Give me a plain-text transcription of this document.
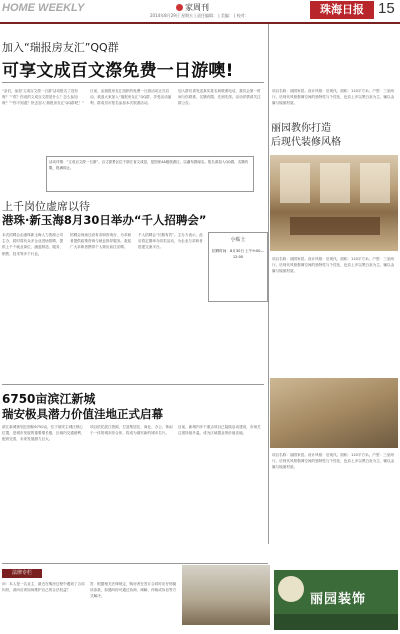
HOME WEEKLY	家周刊
2014年8月29日 星期五 | 责任编辑： | 美编： | 校对：	珠海日报 15
加入“瑞报房友汇”QQ群
可享文成百文漈免费一日游噢!

“亲们，参加‘文成百文漈一日游’活动报名了没有呀？”“诶？你说的文成百文漈是什么？怎么参加呀？”“你不知道？快去加入‘瑞报房友汇’QQ群吧！”

日前，由瑞报房友汇组织的免费一日游活动正式启动，欢迎大家加入“瑞报房友汇”QQ群，享受活动福利，群成员可报名参加本次旅游活动。

加入群后请发送真实姓名和联系电话，我们会第一时间与你联系，名额有限，先到先得。活动详情请关注群公告。

活动详情：“文成百文漈一日游”。百丈漈景区位于浙江省文成县，是国家4A级旅游区，以瀑布群闻名。报名请加入QQ群，名额有限，报满即止。

项目名称：丽园家居。设计风格：后现代。面积：120平方米。户型：三室两厅。后现代风格强调空间的独特性与个性化，色彩上多以黑白灰为主，辅以金属与镜面材质。

丽园教你打造
后现代装修风格

项目名称：丽园家居。设计风格：后现代。面积：120平方米。户型：三室两厅。后现代风格强调空间的独特性与个性化，色彩上多以黑白灰为主，辅以金属与镜面材质。

项目名称：丽园家居。设计风格：后现代。面积：120平方米。户型：三室两厅。后现代风格强调空间的独特性与个性化，色彩上多以黑白灰为主，辅以金属与镜面材质。

上千岗位虚席以待
港珠·新玉海8月30日举办“千人招聘会”

本次招聘会由港珠新玉海人力资源公司主办，届时将有众多企业进场招聘，提供上千个就业岗位，涵盖制造、服务、销售、技术等多个行业。

招聘会现场还设有求职咨询台，为求职者提供政策咨询与就业指导服务。欢迎广大求职者携带个人简历前往应聘。

千人招聘会“长期有效”。主办方表示，此后将定期举办同类活动，为企业与求职者搭建交流平台。

小贴士
招聘时间：8月30日 上午9:00—12:00
6750亩滨江新城
瑞安极具潜力价值洼地正式启幕

滨江新城规划总面积6750亩，位于瑞安主城区核心位置，是城市发展的重要增长极，区域内交通便利，配套完善，未来发展潜力巨大。

项目依托滨江资源，打造集居住、商业、办公、休闲于一体的城市综合体，将成为瑞安新的城市名片。

目前，新城内多个重点项目已陆续启动建设，市场关注度持续升温，成为区域置业的价值洼地。

法律专栏

问：本人是一名业主，最近在购房过程中遇到了合同纠纷，请问应该如何维护自己的合法权益？

答：根据相关法律规定，购房者在签订合同时应仔细阅读条款，如遇纠纷可通过协商、调解、仲裁或诉讼等方式解决。	丽园装饰
